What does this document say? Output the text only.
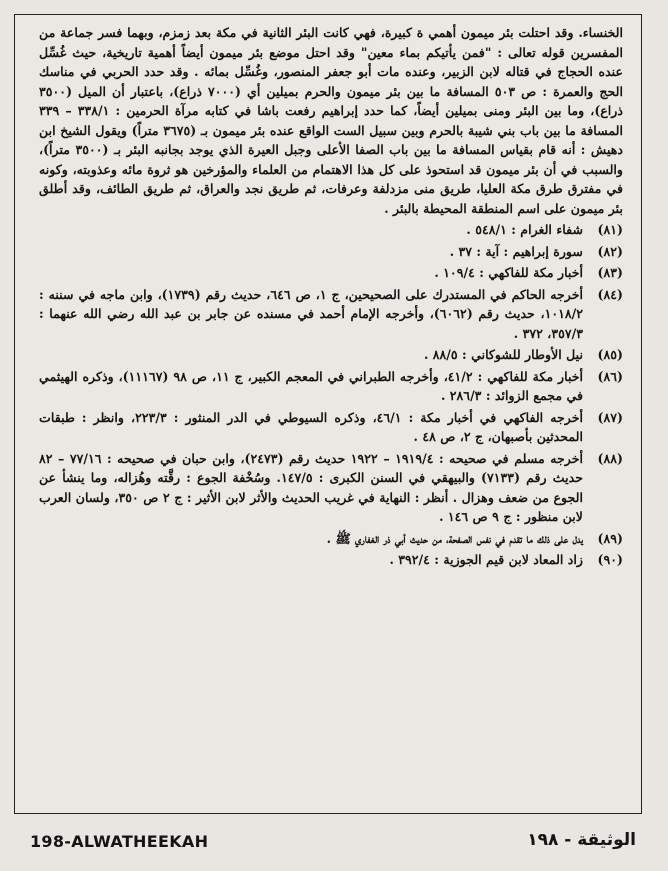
الخنساء. وقد احتلت بئر ميمون أهمي ة كبيرة، فهي كانت البئر الثانية في مكة بعد زمزم، وبهما فسر جماعة من المفسرين قوله تعالى : "فمن يأتيكم بماء معين" وقد احتل موضع بئر ميمون أيضاً أهمية تاريخية، حيث غُسِّل عنده الحجاج في قتاله لابن الزبير، وعنده مات أبو جعفر المنصور، وغُسِّل بمائه . وقد حدد الحربي في مناسك الحج والعمرة : ص ٥٠٣ المسافة ما بين بئر ميمون والحرم بميلين أي (٧٠٠٠ ذراع)، باعتبار أن الميل (٣٥٠٠ ذراع)، وما بين البئر ومنى بميلين أيضاً، كما حدد إبراهيم رفعت باشا في كتابه مرآة الحرمين : ٣٣٨/١ – ٣٣٩ المسافة ما بين باب بني شيبة بالحرم وبين سبيل الست الواقع عنده بئر ميمون بـ (٣٦٧٥ متراً) ويقول الشيخ ابن دهيش : أنه قام بقياس المسافة ما بين باب الصفا الأعلى وجبل العيرة الذي يوجد بجانبه البئر بـ (٣٥٠٠ متراً)، والسبب في أن بئر ميمون قد استحوذ على كل هذا الاهتمام من العلماء والمؤرخين هو ثروة مائه وعذوبته، وكونه في مفترق طرق مكة العليا، طريق منى مزدلفة وعرفات، ثم طريق نجد والعراق، ثم طريق الطائف، وقد أطلق بئر ميمون على اسم المنطقة المحيطة بالبئر .

(٨١)
شفاء الغرام : ٥٤٨/١ .
(٨٢)
سورة إبراهيم : آية : ٣٧ .
(٨٣)
أخبار مكة للفاكهي : ١٠٩/٤ .
(٨٤)
أخرجه الحاكم في المستدرك على الصحيحين، ج ١، ص ٦٤٦، حديث رقم (١٧٣٩)، وابن ماجه في سننه : ١٠١٨/٢، حديث رقم (٦٠٦٢)، وأخرجه الإمام أحمد في مسنده عن جابر بن عبد الله رضي الله عنهما : ٣٥٧/٣، ٣٧٢ .
(٨٥)
نيل الأوطار للشوكاني : ٨٨/٥ .
(٨٦)
أخبار مكة للفاكهي : ٤١/٢، وأخرجه الطبراني في المعجم الكبير، ج ١١، ص ٩٨ (١١١٦٧)، وذكره الهيثمي في مجمع الزوائد : ٢٨٦/٣ .
(٨٧)
أخرجه الفاكهي في أخبار مكة : ٤٦/١، وذكره السيوطي في الدر المنثور : ٢٢٣/٣، وانظر : طبقات المحدثين بأصبهان، ج ٢، ص ٤٨ .
(٨٨)
أخرجه مسلم في صحيحه : ١٩١٩/٤ – ١٩٢٢ حديث رقم (٢٤٧٣)، وابن حبان في صحيحه : ٧٧/١٦ – ٨٢ حديث رقم (٧١٣٣) والبيهقي في السنن الكبرى : ١٤٧/٥. وسُخْفة الجوع : رقَّته وهُزاله، وما ينشأ عن الجوع من ضعف وهزال . أنظر : النهاية في غريب الحديث والأثر لابن الأثير : ج ٢ ص ٣٥٠، ولسان العرب لابن منظور : ج ٩ ص ١٤٦ .
(٨٩)
يدل على ذلك ما تقدم في نفس الصفحة، من حديث أبي ذر الغفاري ﷺ .
(٩٠)
زاد المعاد لابن قيم الجوزية : ٣٩٢/٤ .
198-ALWATHEEKAH	الوثيقة - ١٩٨
